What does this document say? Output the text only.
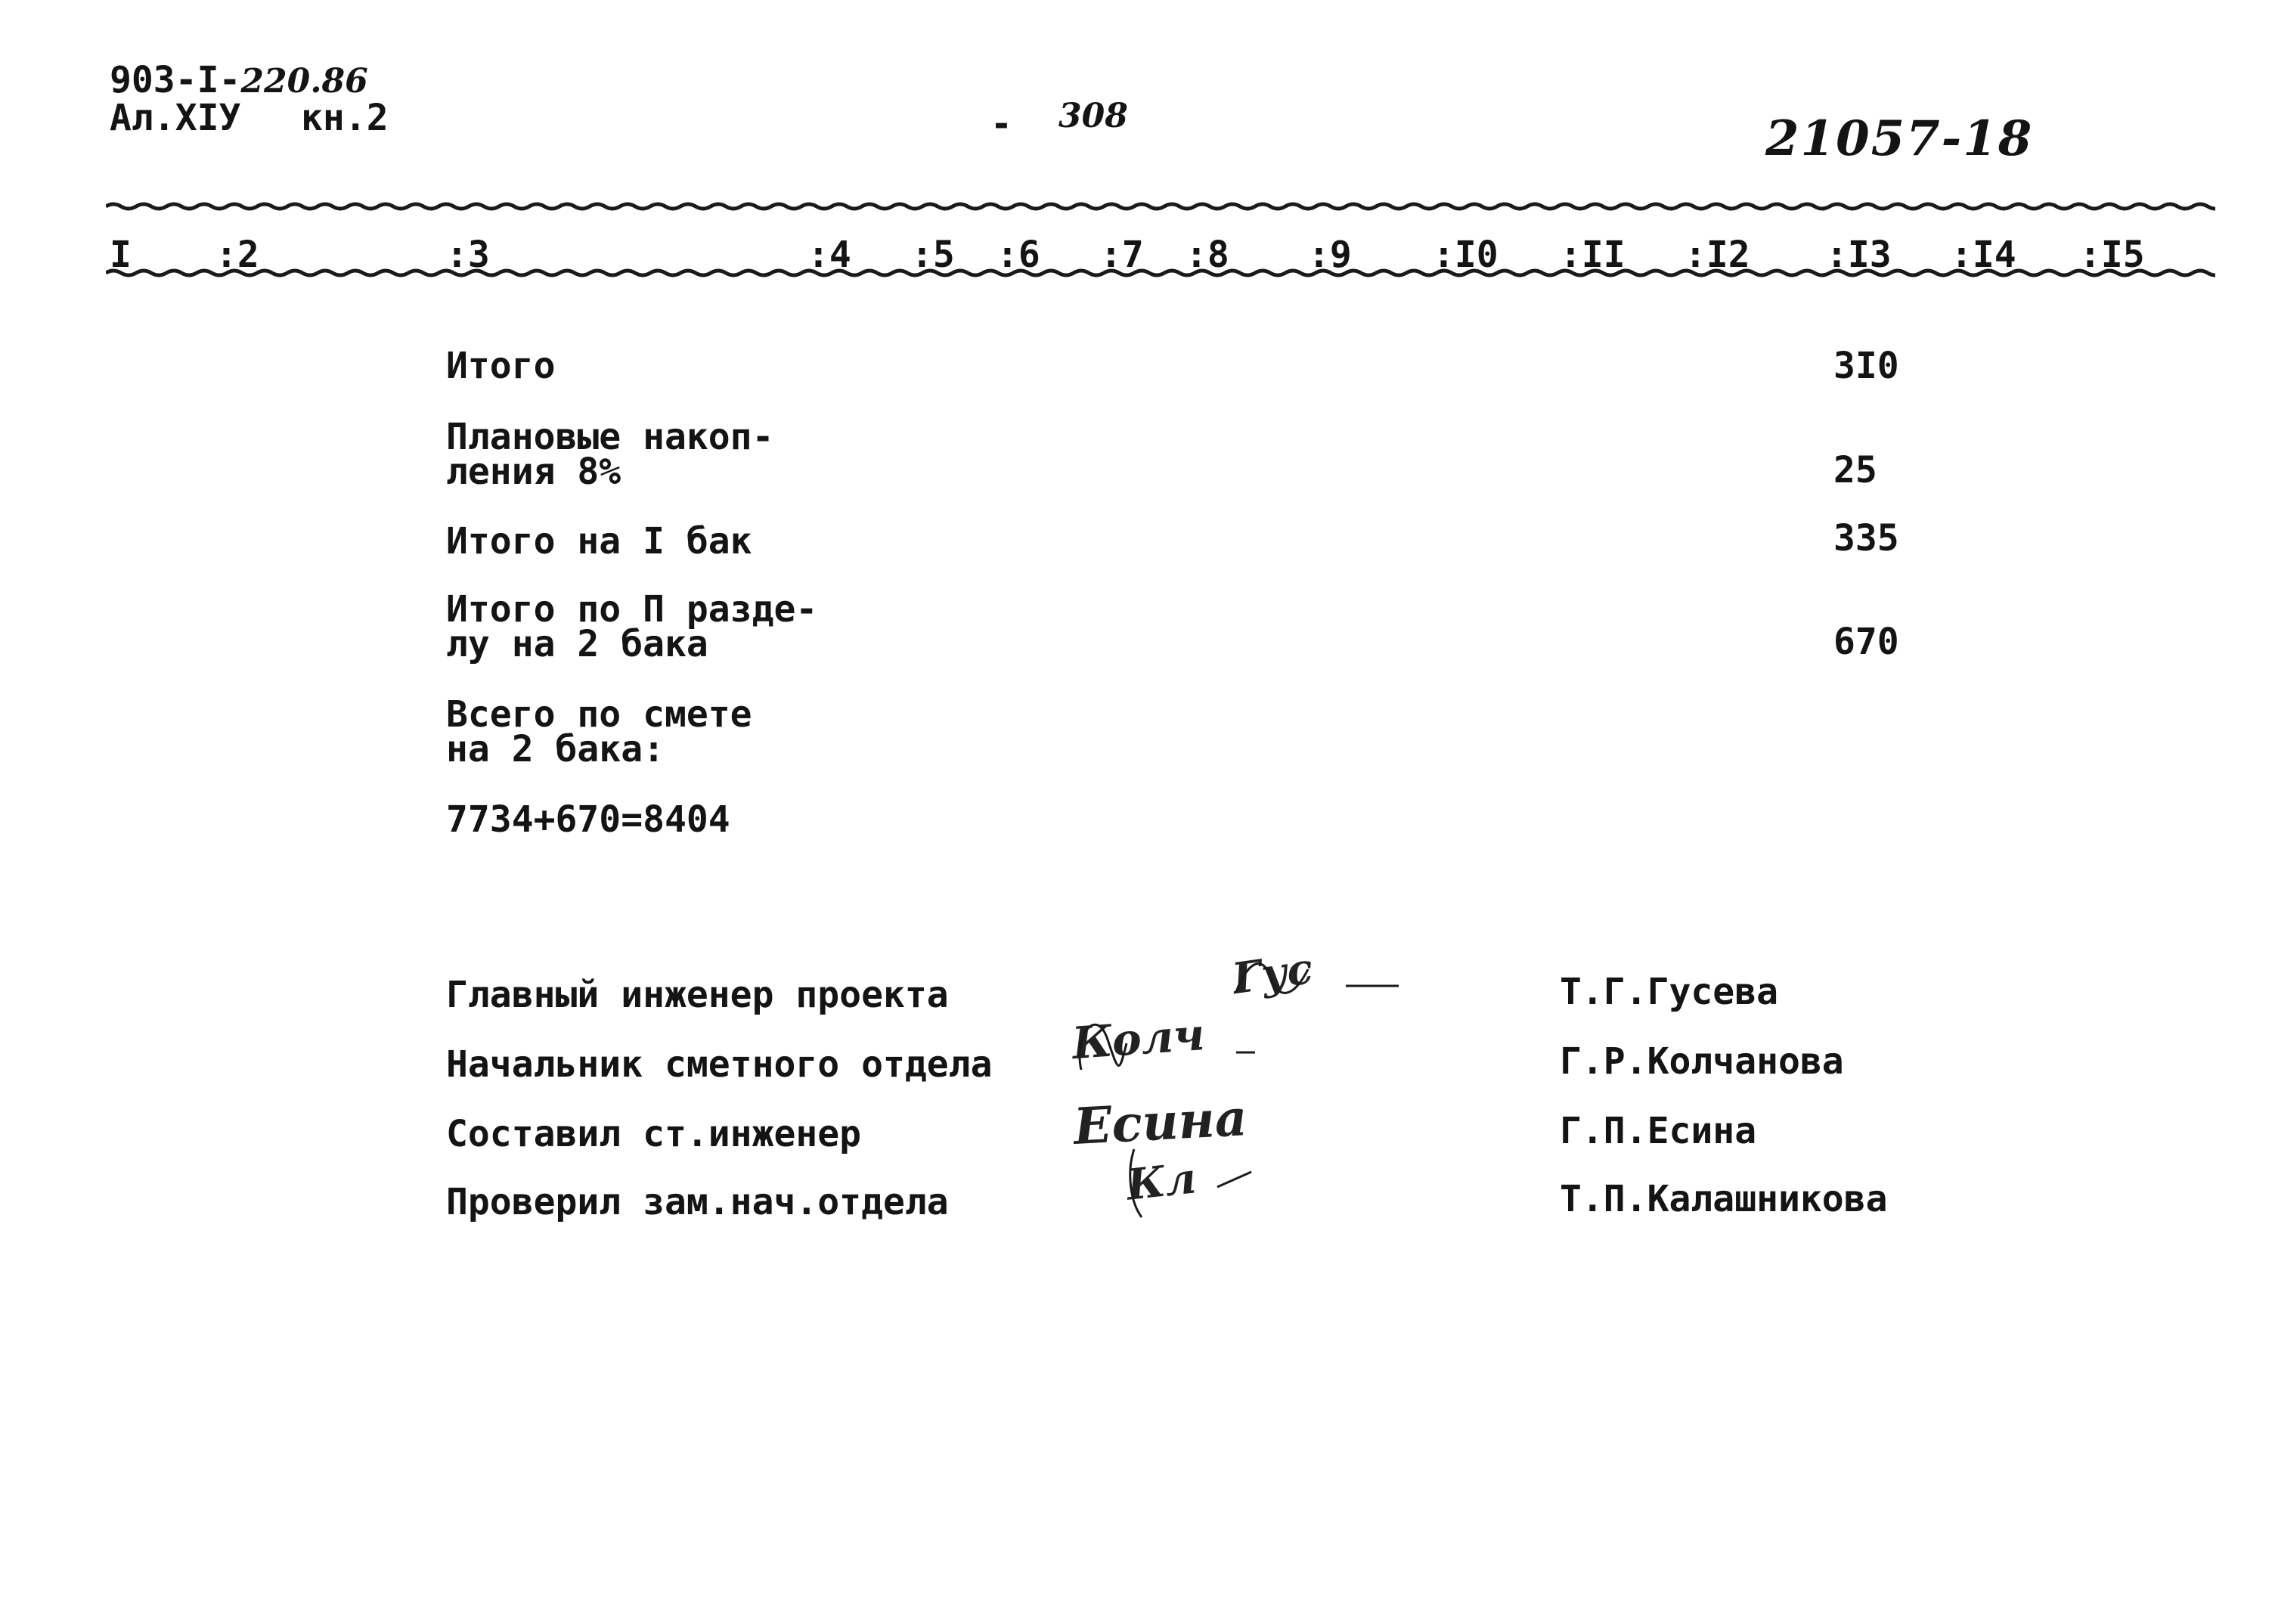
903-I-220.86
Ал.XIУ кн.2	- 308	21057-18
I :2	:3	:4 :5 :6 :7 :8 :9 :I0 :II :I2 :I3 :I4 :I5
Итого	3I0
Плановые накоп-
ления 8%	25
Итого на I бак	335
Итого по П разде-
лу на 2 бака	670
Всего по смете
на 2 бака:
7734+670=8404
Главный инженер проекта	Гус	Т.Г.Гусева
Начальник сметного отдела Колч	Г.Р.Колчанова
Составил ст.инженер	Есина	Г.П.Есина
Проверил зам.нач.отдела	Кл	Т.П.Калашникова
